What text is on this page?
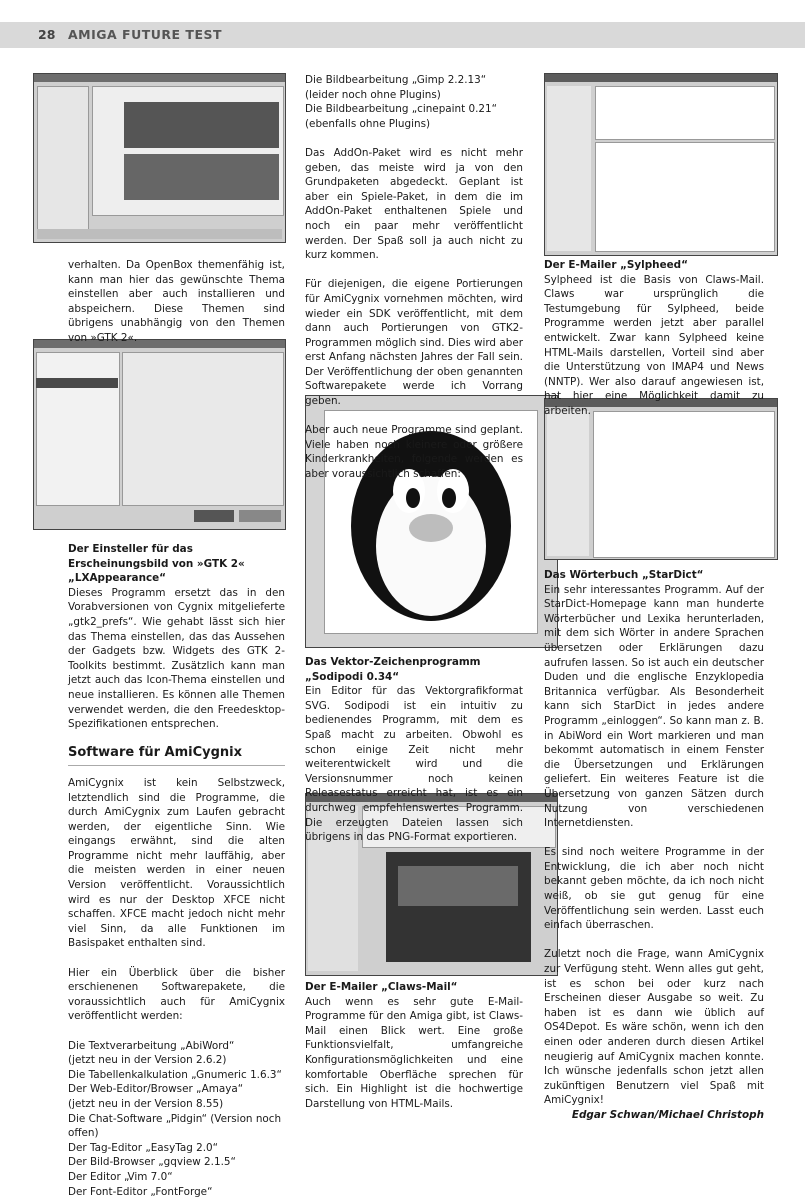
28 AMIGA FUTURE TEST

verhalten. Da OpenBox themenfähig ist, kann man hier das gewünschte Thema einstellen aber auch installieren und abspeichern. Diese Themen sind übrigens unabhängig von den Themen von »GTK 2«.

Der Einsteller für das Erscheinungsbild von »GTK 2« „LXAppearance“

Dieses Programm ersetzt das in den Vorabversionen von Cygnix mitgelieferte „gtk2_prefs“. Wie gehabt lässt sich hier das Thema einstellen, das das Aussehen der Gadgets bzw. Widgets des GTK 2-Toolkits bestimmt. Zusätzlich kann man jetzt auch das Icon-Thema einstellen und neue installieren. Es können alle Themen verwendet werden, die den Freedesktop-Spezifikationen entsprechen.

Software für AmiCygnix

AmiCygnix ist kein Selbstzweck, letztendlich sind die Programme, die durch AmiCygnix zum Laufen gebracht werden, der eigentliche Sinn. Wie eingangs erwähnt, sind die alten Programme nicht mehr lauffähig, aber die meisten werden in einer neuen Version veröffentlicht. Voraussichtlich wird es nur der Desktop XFCE nicht schaffen. XFCE macht jedoch nicht mehr viel Sinn, da alle Funktionen im Basispaket enthalten sind.

Hier ein Überblick über die bisher erschienenen Softwarepakete, die voraussichtlich auch für AmiCygnix veröffentlicht werden:

Die Textverarbeitung „AbiWord“
(jetzt neu in der Version 2.6.2)
Die Tabellenkalkulation „Gnumeric 1.6.3“
Der Web-Editor/Browser „Amaya“
(jetzt neu in der Version 8.55)
Die Chat-Software „Pidgin“ (Version noch offen)
Der Tag-Editor „EasyTag 2.0“
Der Bild-Browser „gqview 2.1.5“
Der Editor „Vim 7.0“
Der Font-Editor „FontForge“
Die Bildbearbeitung „Gimp 2.2.13“
(leider noch ohne Plugins)
Die Bildbearbeitung „cinepaint 0.21“
(ebenfalls ohne Plugins)

Das AddOn-Paket wird es nicht mehr geben, das meiste wird ja von den Grundpaketen abgedeckt. Geplant ist aber ein Spiele-Paket, in dem die im AddOn-Paket enthaltenen Spiele und noch ein paar mehr veröffentlicht werden. Der Spaß soll ja auch nicht zu kurz kommen.

Für diejenigen, die eigene Portierungen für AmiCygnix vornehmen möchten, wird wieder ein SDK veröffentlicht, mit dem dann auch Portierungen von GTK2-Programmen möglich sind. Dies wird aber erst Anfang nächsten Jahres der Fall sein. Der Veröffentlichung der oben genannten Softwarepakete werde ich Vorrang geben.

Aber auch neue Programme sind geplant. Viele haben noch kleinere oder größere Kinderkrankheiten, folgende werden es aber voraussichtlich schaffen:

Das Vektor-Zeichenprogramm „Sodipodi 0.34“

Ein Editor für das Vektorgrafikformat SVG. Sodipodi ist ein intuitiv zu bedienendes Programm, mit dem es Spaß macht zu arbeiten. Obwohl es schon einige Zeit nicht mehr weiterentwickelt wird und die Versionsnummer noch keinen Releasestatus erreicht hat, ist es ein durchweg empfehlenswertes Programm. Die erzeugten Dateien lassen sich übrigens in das PNG-Format exportieren.

Der E-Mailer „Claws-Mail“

Auch wenn es sehr gute E-Mail-Programme für den Amiga gibt, ist Claws-Mail einen Blick wert. Eine große Funktionsvielfalt, umfangreiche Konfigurationsmöglichkeiten und eine komfortable Oberfläche sprechen für sich. Ein Highlight ist die hochwertige Darstellung von HTML-Mails.

Der E-Mailer „Sylpheed“

Sylpheed ist die Basis von Claws-Mail. Claws war ursprünglich die Testumgebung für Sylpheed, beide Programme werden jetzt aber parallel entwickelt. Zwar kann Sylpheed keine HTML-Mails darstellen, Vorteil sind aber die Unterstützung von IMAP4 und News (NNTP). Wer also darauf angewiesen ist, hat hier eine Möglichkeit damit zu arbeiten.

Das Wörterbuch „StarDict“

Ein sehr interessantes Programm. Auf der StarDict-Homepage kann man hunderte Wörterbücher und Lexika herunterladen, mit dem sich Wörter in andere Sprachen übersetzen oder Erklärungen dazu aufrufen lassen. So ist auch ein deutscher Duden und die englische Enzyklopedia Britannica verfügbar. Als Besonderheit kann sich StarDict in jedes andere Programm „einloggen“. So kann man z. B. in AbiWord ein Wort markieren und man bekommt automatisch in einem Fenster die Übersetzungen und Erklärungen geliefert. Ein weiteres Feature ist die Übersetzung von ganzen Sätzen durch Nutzung von verschiedenen Internetdiensten.

Es sind noch weitere Programme in der Entwicklung, die ich aber noch nicht bekannt geben möchte, da ich noch nicht weiß, ob sie gut genug für eine Veröffentlichung sein werden. Lasst euch einfach überraschen.

Zuletzt noch die Frage, wann AmiCygnix zur Verfügung steht. Wenn alles gut geht, ist es schon bei oder kurz nach Erscheinen dieser Ausgabe so weit. Zu haben ist es dann wie üblich auf OS4Depot. Es wäre schön, wenn ich den einen oder anderen durch diesen Artikel neugierig auf AmiCygnix machen konnte. Ich wünsche jedenfalls schon jetzt allen zukünftigen Benutzern viel Spaß mit AmiCygnix!

Edgar Schwan/Michael Christoph
